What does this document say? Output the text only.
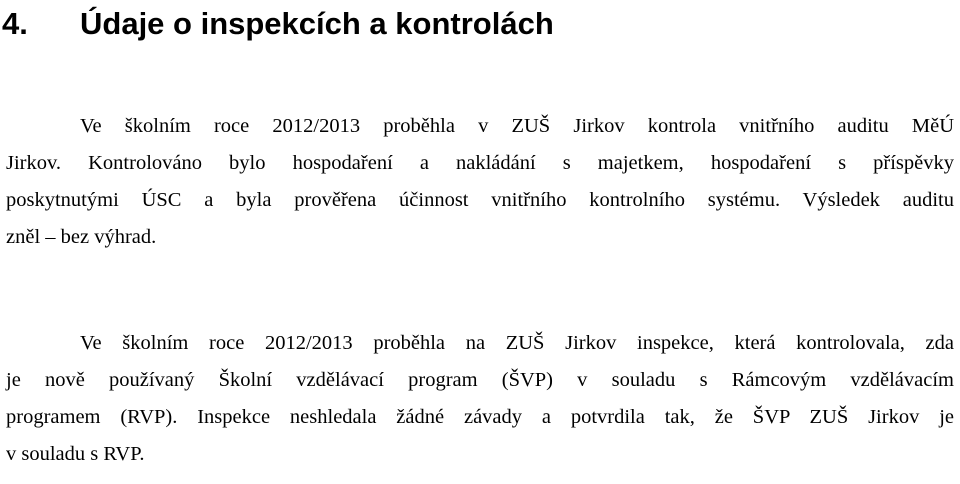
4. Údaje o inspekcích a kontrolách
Ve školním roce 2012/2013 proběhla v ZUŠ Jirkov kontrola vnitřního auditu MěÚ
Jirkov. Kontrolováno bylo hospodaření a nakládání s majetkem, hospodaření s příspěvky
poskytnutými ÚSC a byla prověřena účinnost vnitřního kontrolního systému. Výsledek auditu
zněl – bez výhrad.
Ve školním roce 2012/2013 proběhla na ZUŠ Jirkov inspekce, která kontrolovala, zda
je nově používaný Školní vzdělávací program (ŠVP) v souladu s Rámcovým vzdělávacím
programem (RVP). Inspekce neshledala žádné závady a potvrdila tak, že ŠVP ZUŠ Jirkov je
v souladu s RVP.
